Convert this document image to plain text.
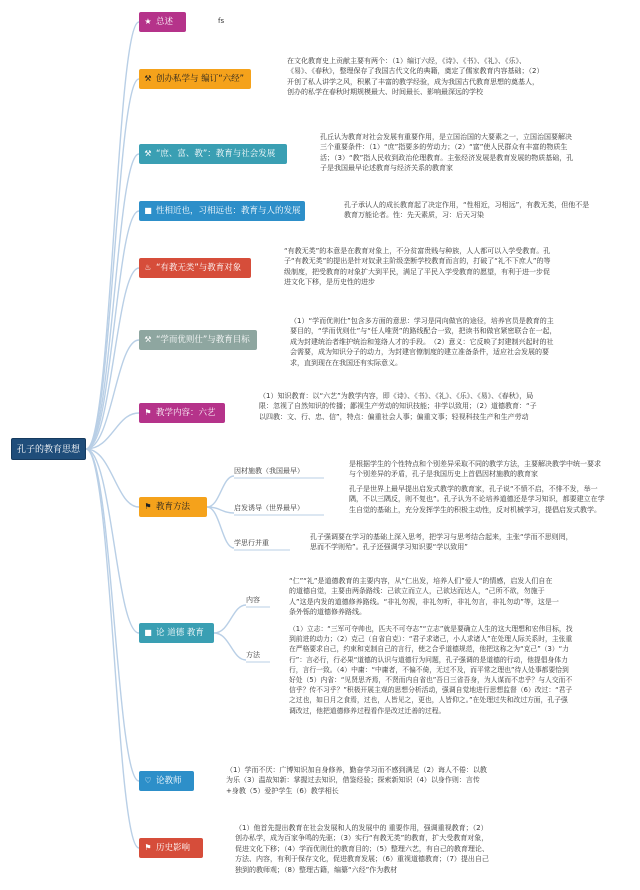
孔子的教育思想
★ 总述	fs
⚒ 创办私学与 编订“六经”
在文化教育史上贡献主要有两个：（1）编订六经，《诗》、《书》、《礼》、《乐》、《易》、《春秋》，整理保存了我国古代文化的典籍，奠定了儒家教育内容基础；（2）开创了私人讲学之风，积累了丰富的教学经验，成为我国古代教育思想的奠基人，创办的私学在春秋时期规模最大、时间最长、影响最深远的学校
⚒ “庶、富、教”：教育与社会发展
孔丘认为教育对社会发展有重要作用，是立国治国的大要素之一，立国治国要解决三个重要条件：（1）“庶”指要多的劳动力；（2）“富”使人民群众有丰富的物质生活；（3）“教”指人民收到政治伦理教育。主张经济发展是教育发展的物质基础，孔子是我国最早论述教育与经济关系的教育家
■ 性相近也，习相远也：教育与人的发展
孔子承认人的成长教育起了决定作用，“性相近，习相远”，有教无类，但他不是教育万能论者。性：先天素质，习：后天习染
♨ “有教无类”与教育对象
“有教无类”的本意是在教育对象上，不分贫富贵贱与种族，人人都可以入学受教育。孔子“有教无类”的提出是针对奴隶主阶级垄断学校教育而言的，打破了“礼不下庶人”的等级制度，把受教育的对象扩大到平民，满足了平民入学受教育的愿望，有利于进一步促进文化下移，是历史性的进步
⚒ “学而优则仕”与教育目标
（1）“学而优则仕”包含多方面的意思：学习是同向做官的途径，培养官员是教育的主要目的，“学而优则仕”与“任人唯贤”的路线配合一致，把读书和做官紧密联合在一起，成为封建统治者维护统治和笼络人才的手段。　（2）意义：它反映了封建制兴起时的社会需要，成为知识分子的动力，为封建官僚制度的建立准备条件，适应社会发展的要求，直到现在在我国还有实际意义。
⚑ 教学内容：六艺
（1）知识教育：以“六艺”为教学内容，即《诗》、《书》、《礼》、《乐》、《易》、《春秋》，局限：忽视了自然知识的传播；鄙视生产劳动的知识技能；非学以致用；（2）道德教育：“子以四教：文、行、忠、信”，特点：偏重社会人事；偏重文事；轻视科技生产和生产劳动
⚑ 教育方法
因材施教（我国最早）
是根据学生的个性特点和个别差异采取不同的教学方法，主要解决教学中统一要求与个别差异的矛盾，孔子是我国历史上首倡因材施教的教育家
启发诱导（世界最早）
孔子是世界上最早提出启发式教学的教育家，孔子说“不愤不启，不悱不发，举一隅，不以三隅反，则不复也”。孔子认为不论培养道德还是学习知识，都要建立在学生自觉的基础上，充分发挥学生的积极主动性，反对机械学习，提倡启发式教学。
学思行并重
孔子强调要在学习的基础上深入思考，把学习与思考结合起来，主张“学而不思则罔，思而不学则殆”。孔子还强调学习知识要“学以致用”
■ 论 道德 教育
内容
“仁”“礼”是道德教育的主要内容，从“仁出发，培养人们”爱人“的情感，启发人们自在的道德自觉，主要由两条路线：己欲立而立人，己欲达而达人，“己所不欲，勿施于人”这是内发的道德修养路线。“非礼勿视，非礼勿听，非礼勿言，非礼勿动”等，这是一条外铄的道德修养路线。
方法
（1）立志：“三军可夺帅也，匹夫不可夺志”“立志”就是要确立人生的这大理想和宏伟目标，找到前进的动力；（2）克己（自省自克）：“君子求诸己，小人求诸人”在处理人际关系时，主张重在严格要求自己，约束和克制自己的言行，使之合乎道德规范，他把这称之为“克己”（3）“力行”：言必行，行必果“道德的认识与道德行为问题，孔子强调的是道德的行动，他提倡身体力行，言行一致。（4）中庸：“中庸者，不偏不倚，无过不及，而平常之理也”待人处事都要恰到好处（5）内省：“见贤思齐焉，不贤而内自省也”吾日三省吾身，为人谋而不忠乎？与人交而不信乎？传不习乎？”积极开展主观的思想分析活动，强调自觉地进行思想监督（6）改过：“君子之过也，如日月之食焉，过也，人皆见之，更也，人皆仰之。”在处理过失和改过方面，孔子强调改过，他把道德修养过程看作是改过迁善的过程。
♡ 论教师
（1）学而不厌：广博知识加自身修养，勤奋学习而不感到满足（2）诲人不倦：以教为乐（3）温故知新：掌握过去知识，借鉴经验；探索新知识（4）以身作则：言传+身教（5）爱护学生（6）教学相长
⚑ 历史影响
（1）他首先提出教育在社会发展和人的发展中的 重要作用，强调重视教育；（2）创办私学，成为百家争鸣的先驱；（3）实行“有教无类”的教育，扩大受教育对象，促进文化下移；（4）学而优则仕的教育目的；（5）整理六艺，有自己的教育理论、方法、内容，有利于保存文化，促进教育发展；（6）重视道德教育；（7）提出自己独到的教师观；（8）整理古籍，编纂“六经”作为教材
